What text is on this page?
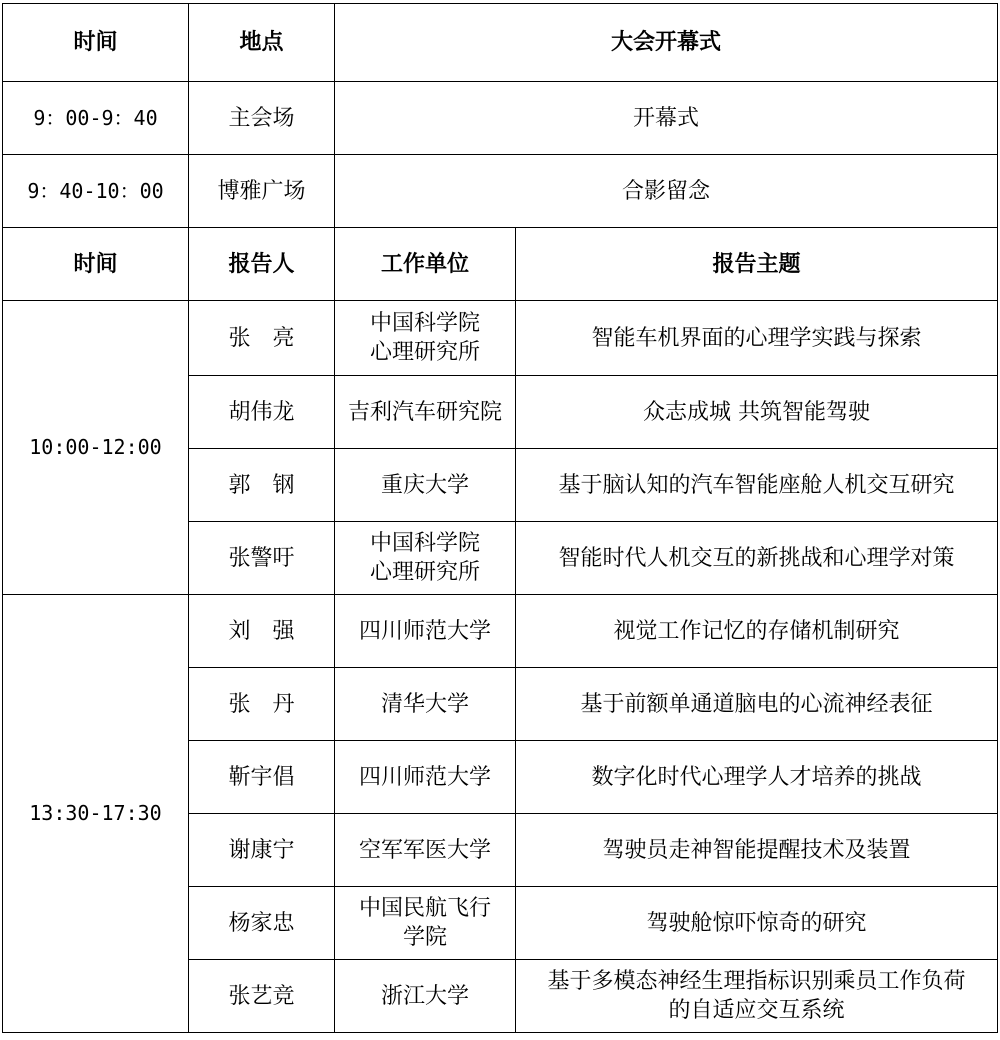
时间	地点	大会开幕式	
9：00-9：40	主会场	开幕式	
9：40-10：00	博雅广场	合影留念	
时间	报告人	工作单位	报告主题
10:00-12:00	张　亮	中国科学院
心理研究所	智能车机界面的心理学实践与探索

	胡伟龙	吉利汽车研究院	众志成城 共筑智能驾驶

	郭　钢	重庆大学	基于脑认知的汽车智能座舱人机交互研究

	张警吁	中国科学院
心理研究所	智能时代人机交互的新挑战和心理学对策

13:30-17:30	刘　强	四川师范大学	视觉工作记忆的存储机制研究

	张　丹	清华大学	基于前额单通道脑电的心流神经表征

	靳宇倡	四川师范大学	数字化时代心理学人才培养的挑战

	谢康宁	空军军医大学	驾驶员走神智能提醒技术及装置

	杨家忠	中国民航飞行
学院	驾驶舱惊吓惊奇的研究

	张艺竞	浙江大学	基于多模态神经生理指标识别乘员工作负荷
的自适应交互系统
